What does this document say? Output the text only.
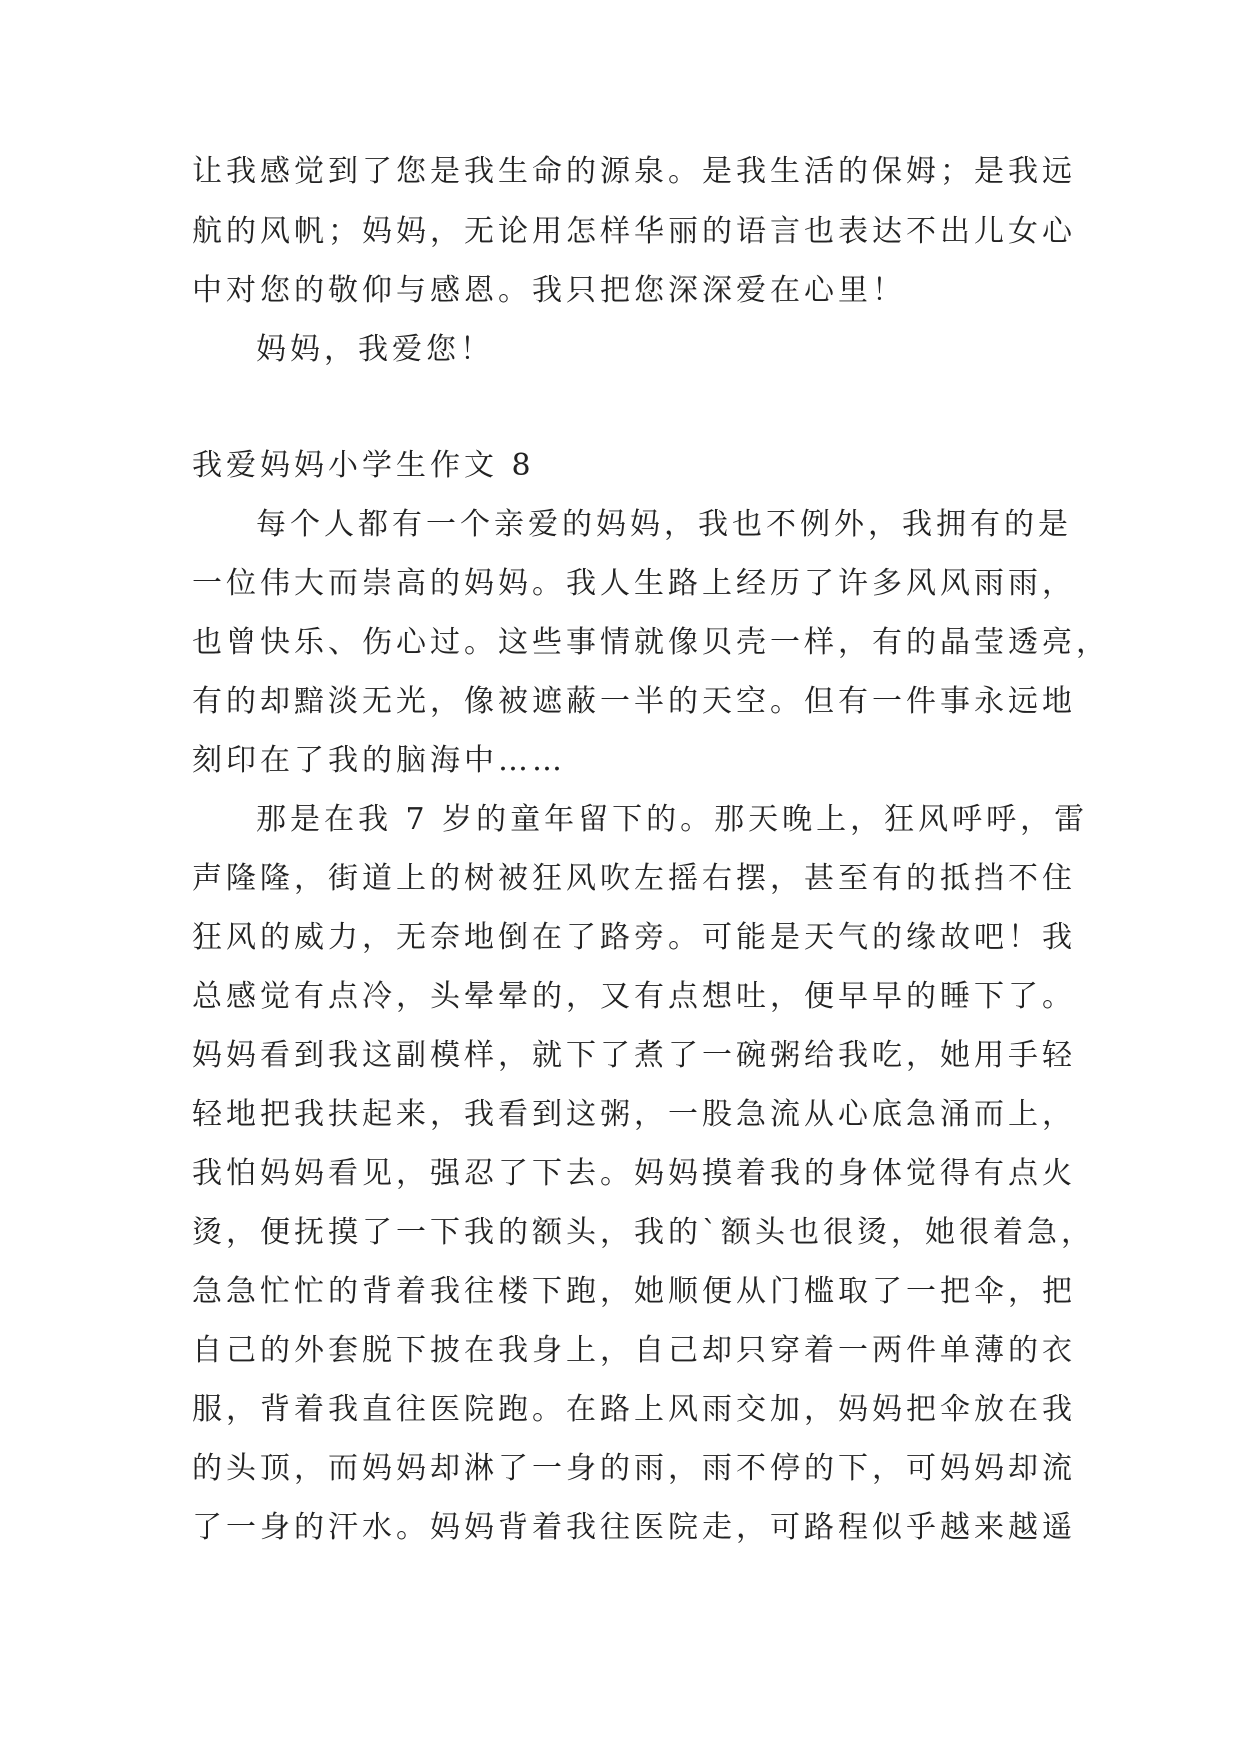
让我感觉到了您是我生命的源泉。是我生活的保姆；是我远
航的风帆；妈妈，无论用怎样华丽的语言也表达不出儿女心
中对您的敬仰与感恩。我只把您深深爱在心里！
妈妈，我爱您！
我爱妈妈小学生作文 8
每个人都有一个亲爱的妈妈，我也不例外，我拥有的是
一位伟大而崇高的妈妈。我人生路上经历了许多风风雨雨，
也曾快乐、伤心过。这些事情就像贝壳一样，有的晶莹透亮，
有的却黯淡无光，像被遮蔽一半的天空。但有一件事永远地
刻印在了我的脑海中……
那是在我 7 岁的童年留下的。那天晚上，狂风呼呼，雷
声隆隆，街道上的树被狂风吹左摇右摆，甚至有的抵挡不住
狂风的威力，无奈地倒在了路旁。可能是天气的缘故吧！我
总感觉有点冷，头晕晕的，又有点想吐，便早早的睡下了。
妈妈看到我这副模样，就下了煮了一碗粥给我吃，她用手轻
轻地把我扶起来，我看到这粥，一股急流从心底急涌而上，
我怕妈妈看见，强忍了下去。妈妈摸着我的身体觉得有点火
烫，便抚摸了一下我的额头，我的`额头也很烫，她很着急，
急急忙忙的背着我往楼下跑，她顺便从门槛取了一把伞，把
自己的外套脱下披在我身上，自己却只穿着一两件单薄的衣
服，背着我直往医院跑。在路上风雨交加，妈妈把伞放在我
的头顶，而妈妈却淋了一身的雨，雨不停的下，可妈妈却流
了一身的汗水。妈妈背着我往医院走，可路程似乎越来越遥
